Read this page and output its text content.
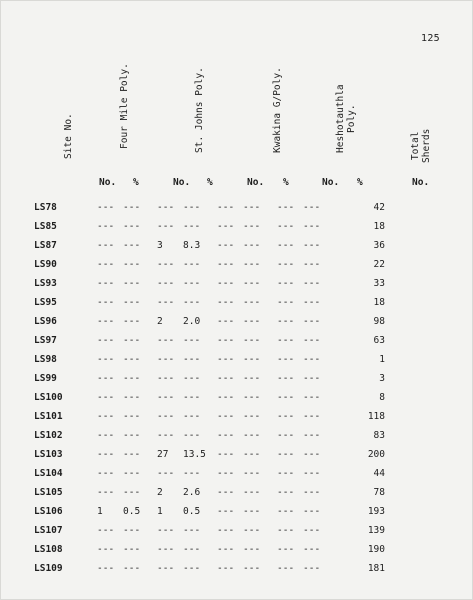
125
Site No.	Four Mile Poly.	St. Johns Poly.	Kwakina G/Poly.	Heshotauthla
Poly.
Total
Sherds
No. %	No. %	No. %	No. %	No.
LS78	---	---	---	---	---	---	---	---	42
LS85	---	---	---	---	---	---	---	---	18
LS87	---	---	3	8.3	---	---	---	---	36
LS90	---	---	---	---	---	---	---	---	22
LS93	---	---	---	---	---	---	---	---	33
LS95	---	---	---	---	---	---	---	---	18
LS96	---	---	2	2.0	---	---	---	---	98
LS97	---	---	---	---	---	---	---	---	63
LS98	---	---	---	---	---	---	---	---	1
LS99	---	---	---	---	---	---	---	---	3
LS100	---	---	---	---	---	---	---	---	8
LS101	---	---	---	---	---	---	---	---	118
LS102	---	---	---	---	---	---	---	---	83
LS103	---	---	27	13.5	---	---	---	---	200
LS104	---	---	---	---	---	---	---	---	44
LS105	---	---	2	2.6	---	---	---	---	78
LS106	1	0.5	1	0.5	---	---	---	---	193
LS107	---	---	---	---	---	---	---	---	139
LS108	---	---	---	---	---	---	---	---	190
LS109	---	---	---	---	---	---	---	---	181
